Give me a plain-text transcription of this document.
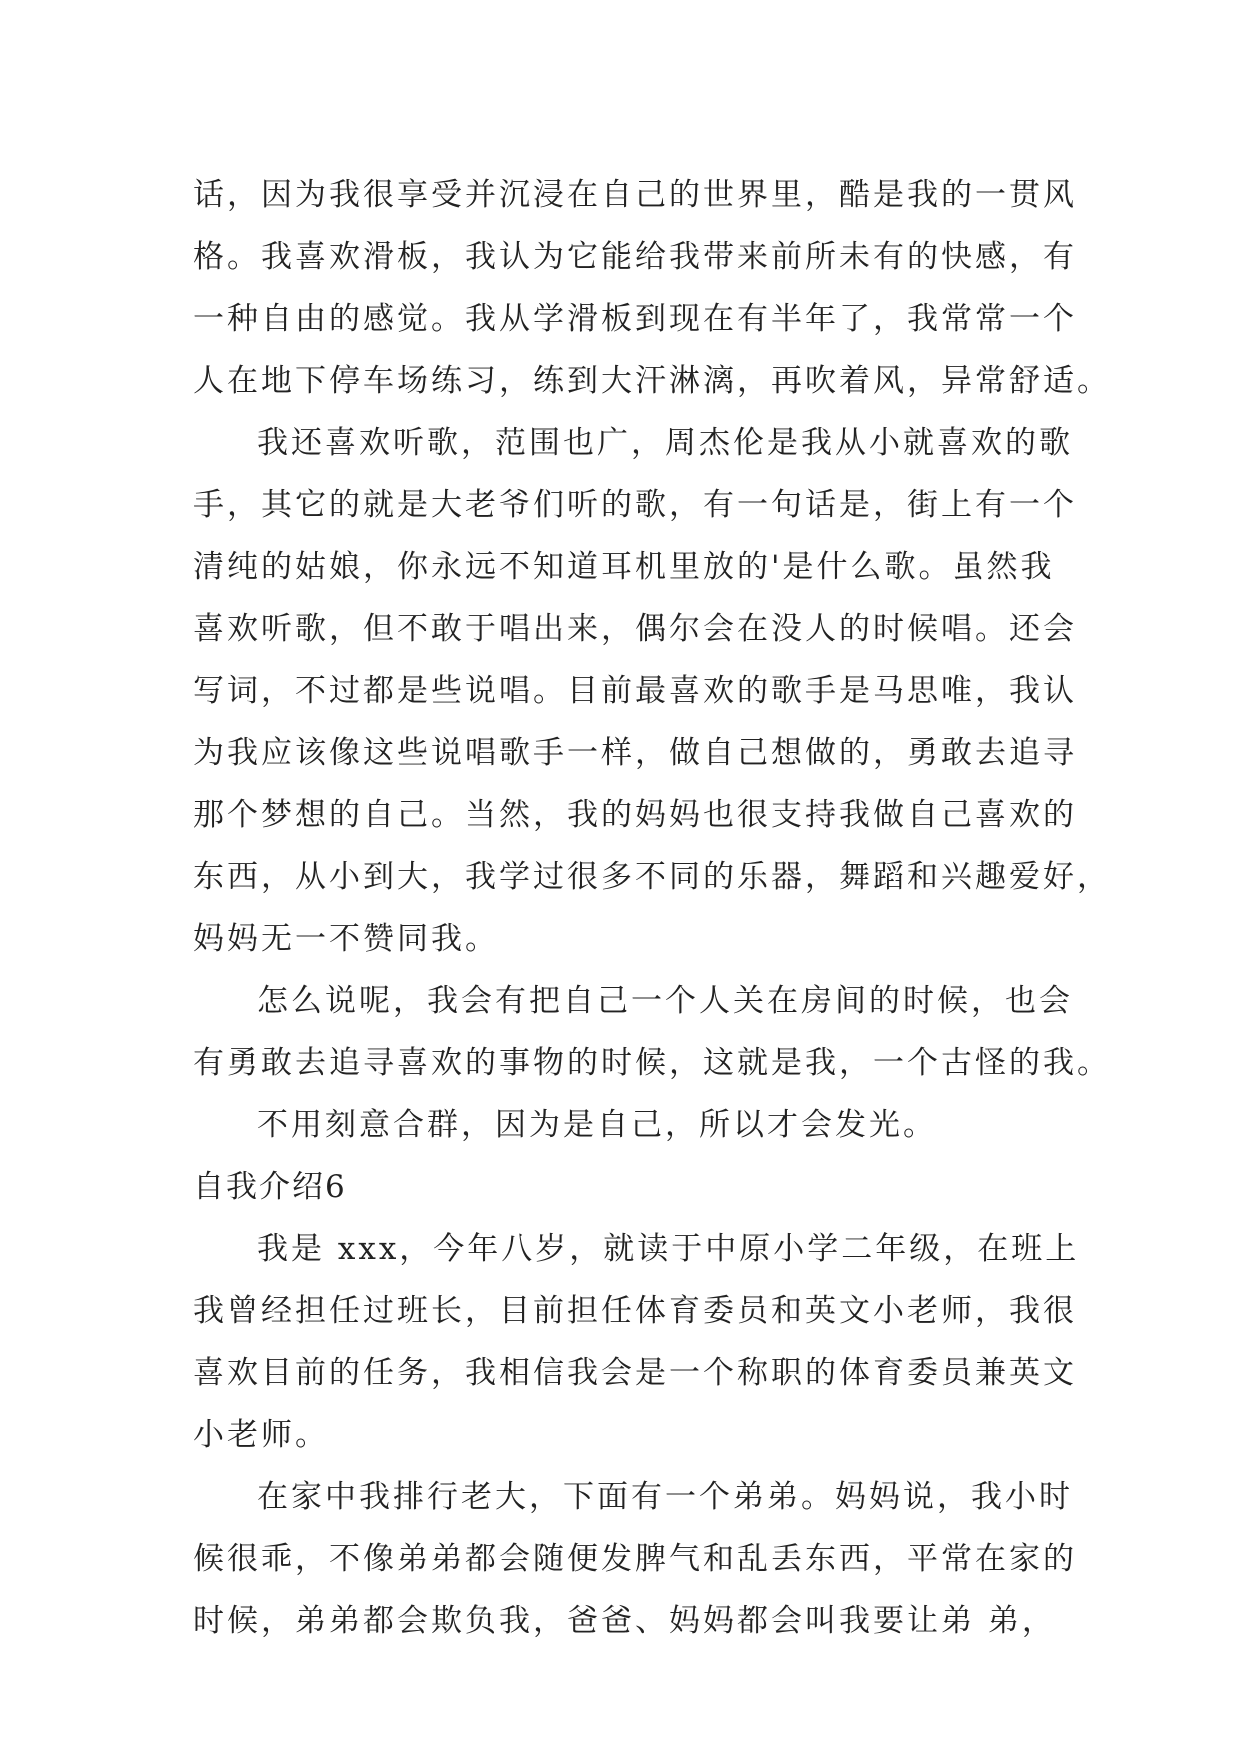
话，因为我很享受并沉浸在自己的世界里，酷是我的一贯风
格。我喜欢滑板，我认为它能给我带来前所未有的快感，有
一种自由的感觉。我从学滑板到现在有半年了，我常常一个
人在地下停车场练习，练到大汗淋漓，再吹着风，异常舒适。
我还喜欢听歌，范围也广，周杰伦是我从小就喜欢的歌
手，其它的就是大老爷们听的歌，有一句话是，街上有一个
清纯的姑娘，你永远不知道耳机里放的'是什么歌。虽然我
喜欢听歌，但不敢于唱出来，偶尔会在没人的时候唱。还会
写词，不过都是些说唱。目前最喜欢的歌手是马思唯，我认
为我应该像这些说唱歌手一样，做自己想做的，勇敢去追寻
那个梦想的自己。当然，我的妈妈也很支持我做自己喜欢的
东西，从小到大，我学过很多不同的乐器，舞蹈和兴趣爱好，
妈妈无一不赞同我。
怎么说呢，我会有把自己一个人关在房间的时候，也会
有勇敢去追寻喜欢的事物的时候，这就是我，一个古怪的我。
不用刻意合群，因为是自己，所以才会发光。
自我介绍6
我是 xxx，今年八岁，就读于中原小学二年级，在班上
我曾经担任过班长，目前担任体育委员和英文小老师，我很
喜欢目前的任务，我相信我会是一个称职的体育委员兼英文
小老师。
在家中我排行老大，下面有一个弟弟。妈妈说，我小时
候很乖，不像弟弟都会随便发脾气和乱丢东西，平常在家的
时候，弟弟都会欺负我，爸爸、妈妈都会叫我要让弟 弟，
